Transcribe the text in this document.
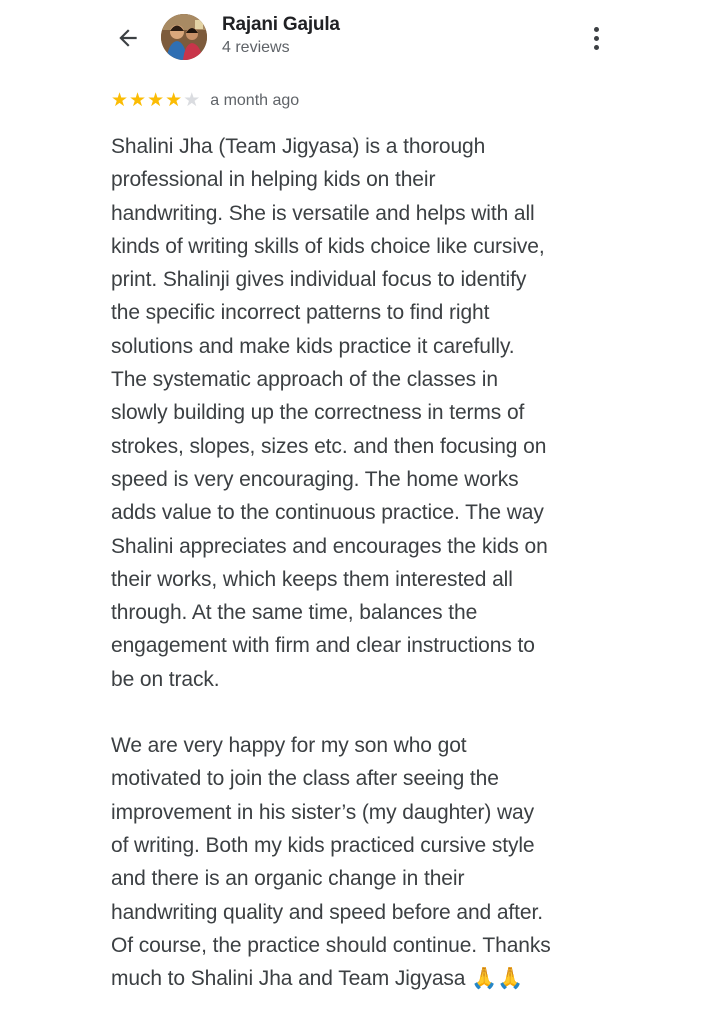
Rajani Gajula
4 reviews
★ ★ ★ ★ ★ a month ago

Shalini Jha (Team Jigyasa) is a thorough
professional in helping kids on their
handwriting. She is versatile and helps with all
kinds of writing skills of kids choice like cursive,
print. Shalinji gives individual focus to identify
the specific incorrect patterns to find right
solutions and make kids practice it carefully.
The systematic approach of the classes in
slowly building up the correctness in terms of
strokes, slopes, sizes etc. and then focusing on
speed is very encouraging. The home works
adds value to the continuous practice. The way
Shalini appreciates and encourages the kids on
their works, which keeps them interested all
through. At the same time, balances the
engagement with firm and clear instructions to
be on track.

We are very happy for my son who got
motivated to join the class after seeing the
improvement in his sister’s (my daughter) way
of writing. Both my kids practiced cursive style
and there is an organic change in their
handwriting quality and speed before and after.
Of course, the practice should continue. Thanks
much to Shalini Jha and Team Jigyasa 🙏🙏
